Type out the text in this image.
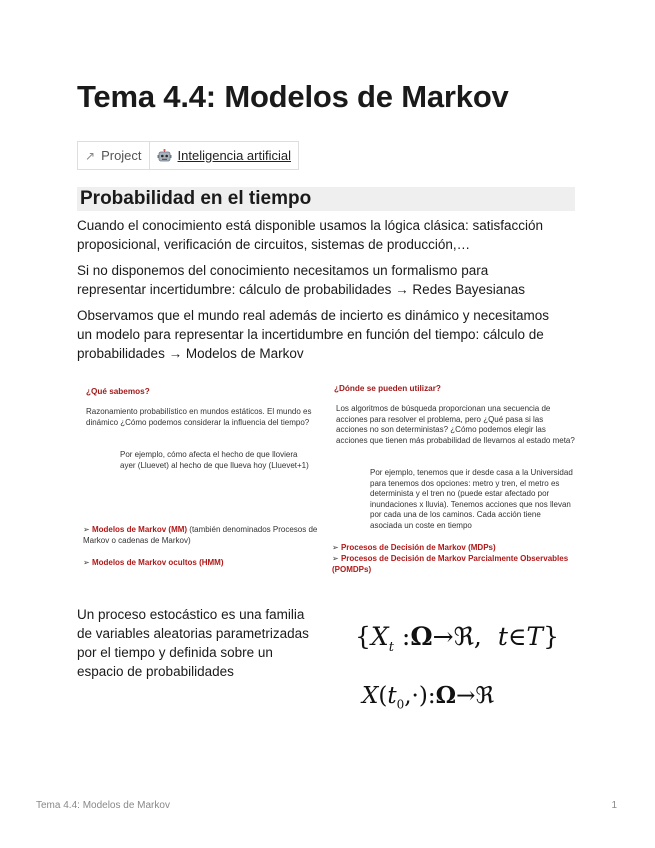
Tema 4.4: Modelos de Markov
↗ Project	Inteligencia artificial
Probabilidad en el tiempo

Cuando el conocimiento está disponible usamos la lógica clásica: satisfacción proposicional, verificación de circuitos, sistemas de producción,…

Si no disponemos del conocimiento necesitamos un formalismo para representar incertidumbre: cálculo de probabilidades → Redes Bayesianas

Observamos que el mundo real además de incierto es dinámico y necesitamos un modelo para representar la incertidumbre en función del tiempo: cálculo de probabilidades → Modelos de Markov

¿Qué sabemos?
Razonamiento probabilístico en mundos estáticos. El mundo es dinámico ¿Cómo podemos considerar la influencia del tiempo?
Por ejemplo, cómo afecta el hecho de que lloviera ayer (Lluevet) al hecho de que llueva hoy (Lluevet+1)
➢ Modelos de Markov (MM) (también denominados Procesos de Markov o cadenas de Markov)
➢ Modelos de Markov ocultos (HMM)
¿Dónde se pueden utilizar?
Los algoritmos de búsqueda proporcionan una secuencia de acciones para resolver el problema, pero ¿Qué pasa si las acciones no son deterministas? ¿Cómo podemos elegir las acciones que tienen más probabilidad de llevarnos al estado meta?
Por ejemplo, tenemos que ir desde casa a la Universidad para tenemos dos opciones: metro y tren, el metro es determinista y el tren no (puede estar afectado por inundaciones x lluvia). Tenemos acciones que nos llevan por cada una de los caminos. Cada acción tiene asociada un coste en tiempo
➢ Procesos de Decisión de Markov (MDPs)
➢ Procesos de Decisión de Markov Parcialmente Observables (POMDPs)

Un proceso estocástico es una familia de variables aleatorias parametrizadas por el tiempo y definida sobre un espacio de probabilidades

{$X_t$ :Ω→ℜ, t∈T}
$X(t_0,\cdot):\Omega\to ℜ$
Tema 4.4: Modelos de Markov	1
